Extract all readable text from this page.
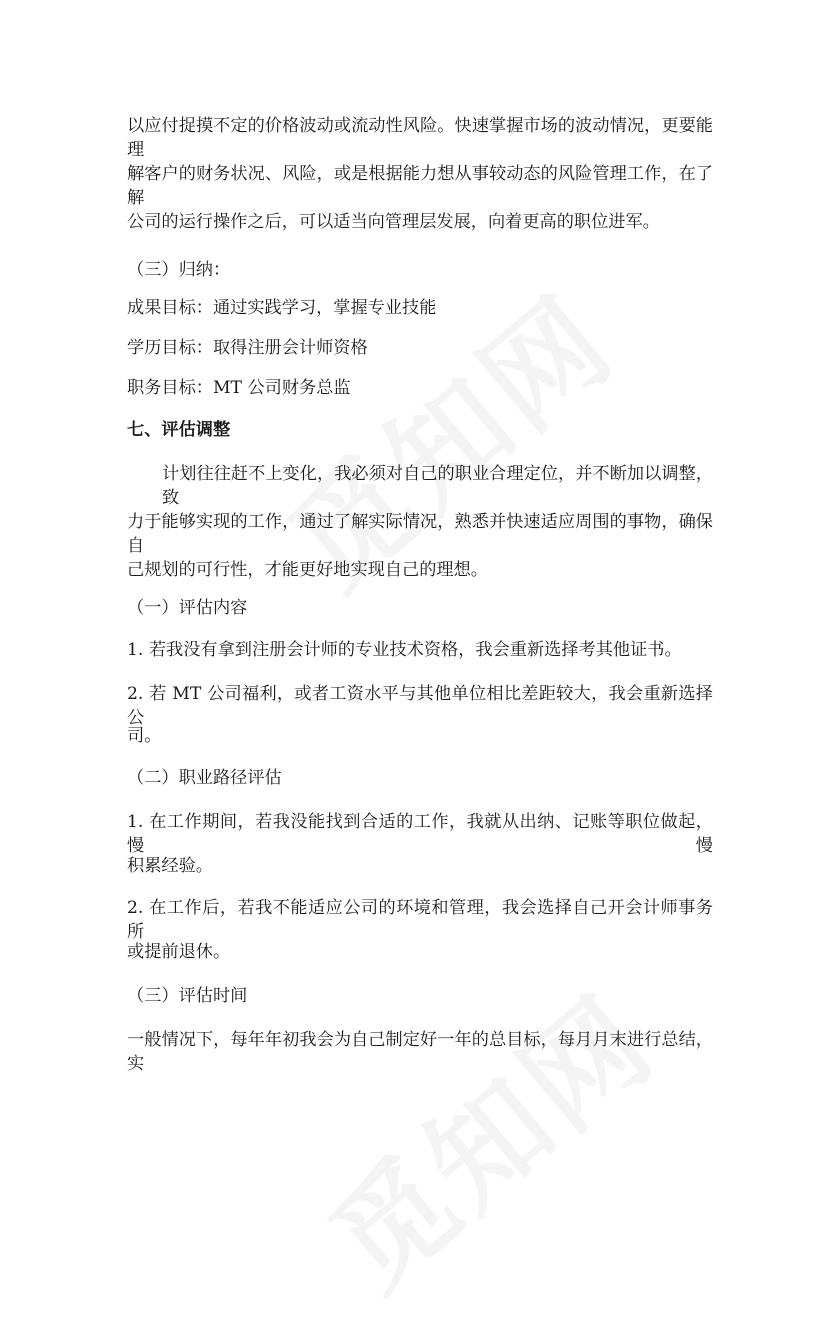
以应付捉摸不定的价格波动或流动性风险。快速掌握市场的波动情况，更要能理
解客户的财务状况、风险，或是根据能力想从事较动态的风险管理工作，在了解
公司的运行操作之后，可以适当向管理层发展，向着更高的职位进军。
（三）归纳：
成果目标：通过实践学习，掌握专业技能
学历目标：取得注册会计师资格
职务目标：MT 公司财务总监
七、评估调整
计划往往赶不上变化，我必须对自己的职业合理定位，并不断加以调整，致
力于能够实现的工作，通过了解实际情况，熟悉并快速适应周围的事物，确保自
己规划的可行性，才能更好地实现自己的理想。
（一）评估内容
1. 若我没有拿到注册会计师的专业技术资格，我会重新选择考其他证书。
2. 若 MT 公司福利，或者工资水平与其他单位相比差距较大，我会重新选择公
司。
（二）职业路径评估
1. 在工作期间，若我没能找到合适的工作，我就从出纳、记账等职位做起，慢慢
积累经验。
2. 在工作后，若我不能适应公司的环境和管理，我会选择自己开会计师事务所
或提前退休。
（三）评估时间
一般情况下，每年年初我会为自己制定好一年的总目标，每月月末进行总结，实
